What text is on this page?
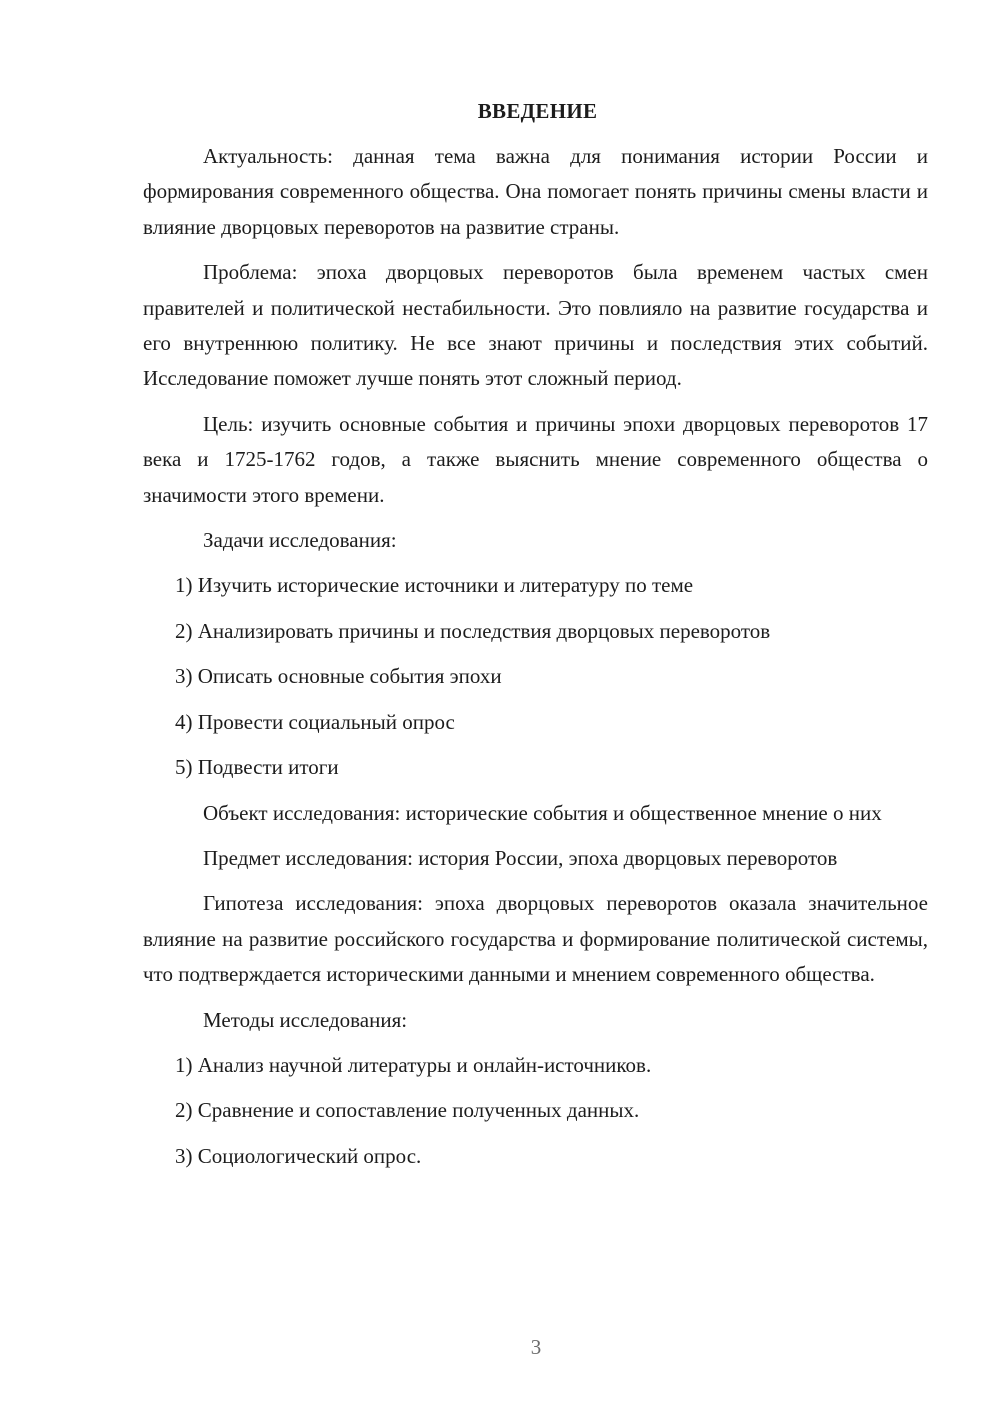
ВВЕДЕНИЕ

Актуальность: данная тема важна для понимания истории России и формирования современного общества. Она помогает понять причины смены власти и влияние дворцовых переворотов на развитие страны.

Проблема: эпоха дворцовых переворотов была временем частых смен правителей и политической нестабильности. Это повлияло на развитие государства и его внутреннюю политику. Не все знают причины и последствия этих событий. Исследование поможет лучше понять этот сложный период.

Цель: изучить основные события и причины эпохи дворцовых переворотов 17 века и 1725-1762 годов, а также выяснить мнение современного общества о значимости этого времени.

Задачи исследования:

1) Изучить исторические источники и литературу по теме
2) Анализировать причины и последствия дворцовых переворотов
3) Описать основные события эпохи
4) Провести социальный опрос
5) Подвести итоги

Объект исследования: исторические события и общественное мнение о них

Предмет исследования: история России, эпоха дворцовых переворотов

Гипотеза исследования: эпоха дворцовых переворотов оказала значительное влияние на развитие российского государства и формирование политической системы, что подтверждается историческими данными и мнением современного общества.

Методы исследования:

1) Анализ научной литературы и онлайн-источников.
2) Сравнение и сопоставление полученных данных.
3) Социологический опрос.
3
